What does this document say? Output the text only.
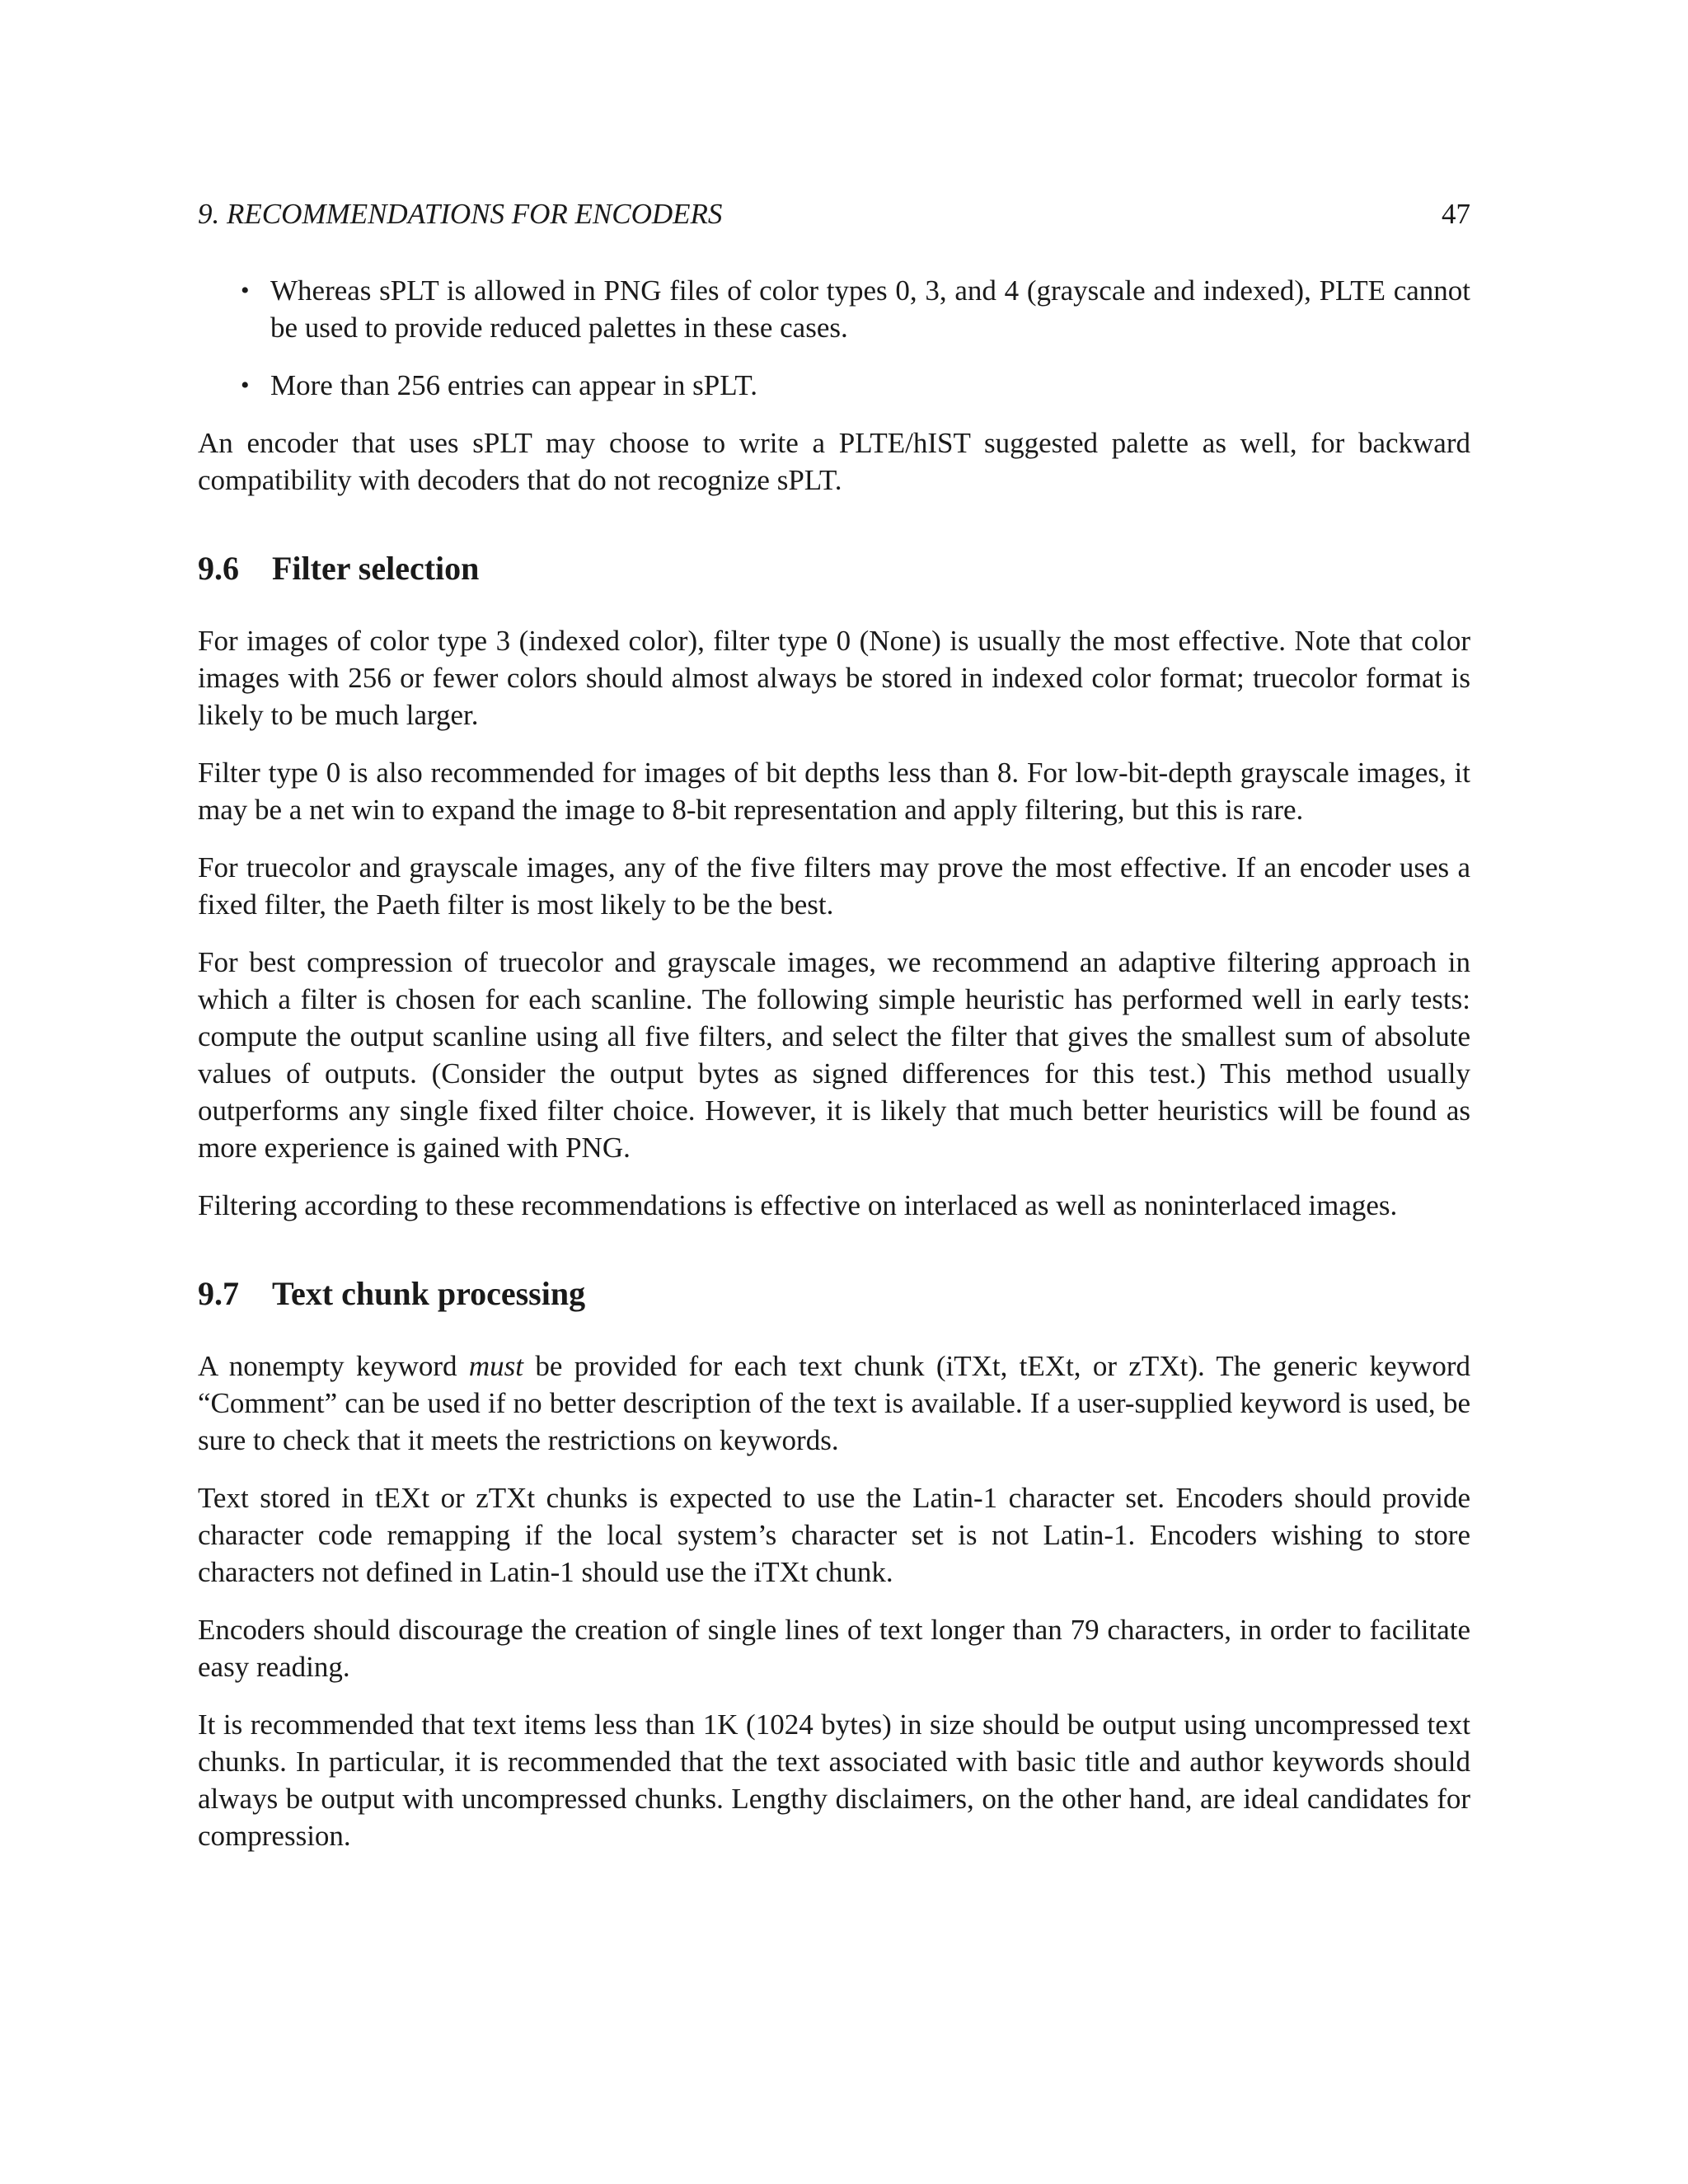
9. RECOMMENDATIONS FOR ENCODERS	47
• Whereas sPLT is allowed in PNG files of color types 0, 3, and 4 (grayscale and indexed), PLTE cannot be used to provide reduced palettes in these cases.
• More than 256 entries can appear in sPLT.

An encoder that uses sPLT may choose to write a PLTE/hIST suggested palette as well, for backward compatibility with decoders that do not recognize sPLT.

9.6 Filter selection

For images of color type 3 (indexed color), filter type 0 (None) is usually the most effective. Note that color images with 256 or fewer colors should almost always be stored in indexed color format; truecolor format is likely to be much larger.

Filter type 0 is also recommended for images of bit depths less than 8. For low-bit-depth grayscale images, it may be a net win to expand the image to 8-bit representation and apply filtering, but this is rare.

For truecolor and grayscale images, any of the five filters may prove the most effective. If an encoder uses a fixed filter, the Paeth filter is most likely to be the best.

For best compression of truecolor and grayscale images, we recommend an adaptive filtering approach in which a filter is chosen for each scanline. The following simple heuristic has performed well in early tests: compute the output scanline using all five filters, and select the filter that gives the smallest sum of absolute values of outputs. (Consider the output bytes as signed differences for this test.) This method usually outperforms any single fixed filter choice. However, it is likely that much better heuristics will be found as more experience is gained with PNG.

Filtering according to these recommendations is effective on interlaced as well as noninterlaced images.

9.7 Text chunk processing

A nonempty keyword must be provided for each text chunk (iTXt, tEXt, or zTXt). The generic keyword “Comment” can be used if no better description of the text is available. If a user-supplied keyword is used, be sure to check that it meets the restrictions on keywords.

Text stored in tEXt or zTXt chunks is expected to use the Latin-1 character set. Encoders should provide character code remapping if the local system’s character set is not Latin-1. Encoders wishing to store characters not defined in Latin-1 should use the iTXt chunk.

Encoders should discourage the creation of single lines of text longer than 79 characters, in order to facilitate easy reading.

It is recommended that text items less than 1K (1024 bytes) in size should be output using uncompressed text chunks. In particular, it is recommended that the text associated with basic title and author keywords should always be output with uncompressed chunks. Lengthy disclaimers, on the other hand, are ideal candidates for compression.
